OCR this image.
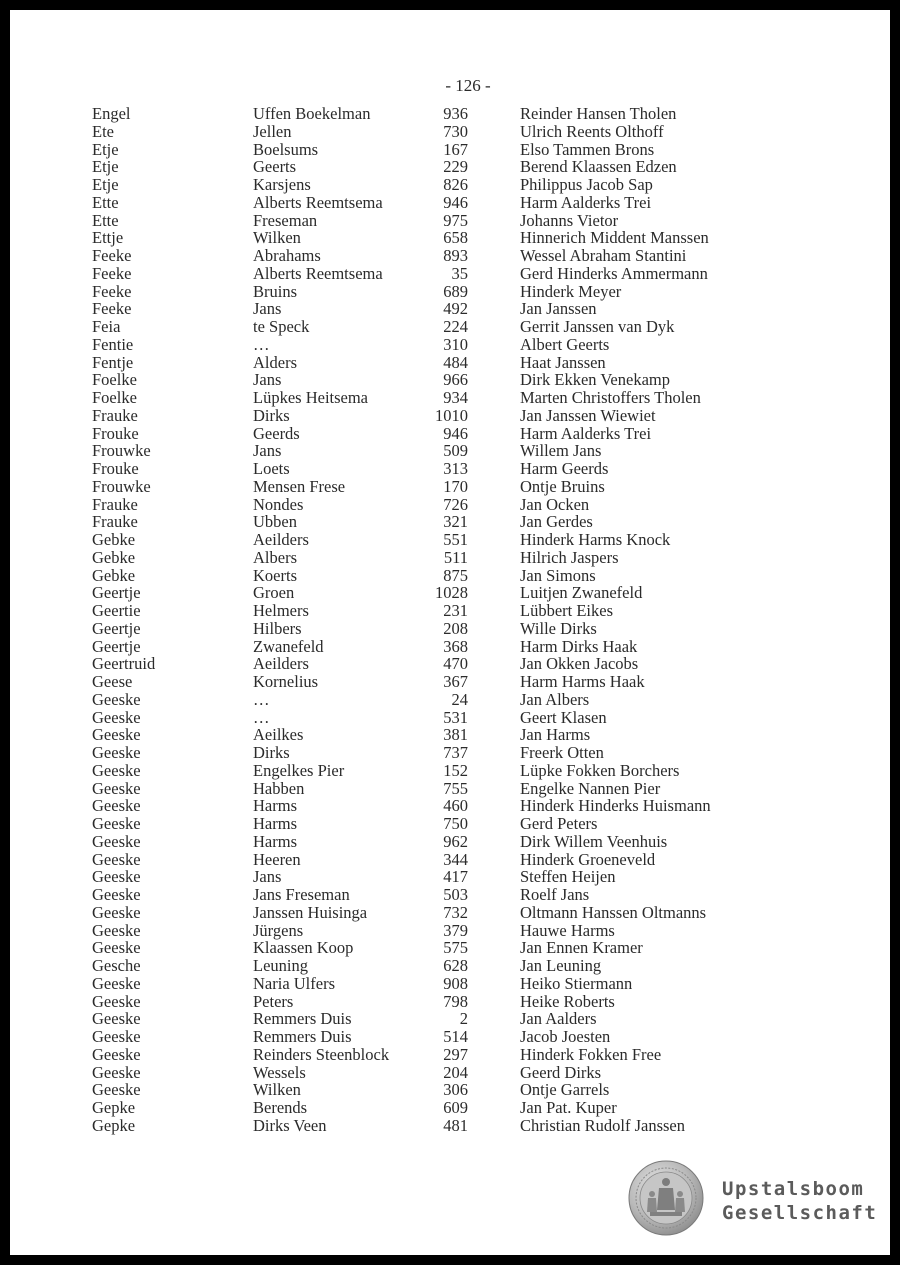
- 126 -
Engel	Uffen Boekelman	936	Reinder Hansen Tholen
Ete	Jellen	730	Ulrich Reents Olthoff
Etje	Boelsums	167	Elso Tammen Brons
Etje	Geerts	229	Berend Klaassen Edzen
Etje	Karsjens	826	Philippus Jacob Sap
Ette	Alberts Reemtsema	946	Harm Aalderks Trei
Ette	Freseman	975	Johanns Vietor
Ettje	Wilken	658	Hinnerich Middent Manssen
Feeke	Abrahams	893	Wessel Abraham Stantini
Feeke	Alberts Reemtsema	35	Gerd Hinderks Ammermann
Feeke	Bruins	689	Hinderk Meyer
Feeke	Jans	492	Jan Janssen
Feia	te Speck	224	Gerrit Janssen van Dyk
Fentie	…	310	Albert Geerts
Fentje	Alders	484	Haat Janssen
Foelke	Jans	966	Dirk Ekken Venekamp
Foelke	Lüpkes Heitsema	934	Marten Christoffers Tholen
Frauke	Dirks	1010	Jan Janssen Wiewiet
Frouke	Geerds	946	Harm Aalderks Trei
Frouwke	Jans	509	Willem Jans
Frouke	Loets	313	Harm Geerds
Frouwke	Mensen Frese	170	Ontje Bruins
Frauke	Nondes	726	Jan Ocken
Frauke	Ubben	321	Jan Gerdes
Gebke	Aeilders	551	Hinderk Harms Knock
Gebke	Albers	511	Hilrich Jaspers
Gebke	Koerts	875	Jan Simons
Geertje	Groen	1028	Luitjen Zwanefeld
Geertie	Helmers	231	Lübbert Eikes
Geertje	Hilbers	208	Wille Dirks
Geertje	Zwanefeld	368	Harm Dirks Haak
Geertruid	Aeilders	470	Jan Okken Jacobs
Geese	Kornelius	367	Harm Harms Haak
Geeske	…	24	Jan Albers
Geeske	…	531	Geert Klasen
Geeske	Aeilkes	381	Jan Harms
Geeske	Dirks	737	Freerk Otten
Geeske	Engelkes Pier	152	Lüpke Fokken Borchers
Geeske	Habben	755	Engelke Nannen Pier
Geeske	Harms	460	Hinderk Hinderks Huismann
Geeske	Harms	750	Gerd Peters
Geeske	Harms	962	Dirk Willem Veenhuis
Geeske	Heeren	344	Hinderk Groeneveld
Geeske	Jans	417	Steffen Heijen
Geeske	Jans Freseman	503	Roelf Jans
Geeske	Janssen Huisinga	732	Oltmann Hanssen Oltmanns
Geeske	Jürgens	379	Hauwe Harms
Geeske	Klaassen Koop	575	Jan Ennen Kramer
Gesche	Leuning	628	Jan Leuning
Geeske	Naria Ulfers	908	Heiko Stiermann
Geeske	Peters	798	Heike Roberts
Geeske	Remmers Duis	2	Jan Aalders
Geeske	Remmers Duis	514	Jacob Joesten
Geeske	Reinders Steenblock	297	Hinderk Fokken Free
Geeske	Wessels	204	Geerd Dirks
Geeske	Wilken	306	Ontje Garrels
Gepke	Berends	609	Jan Pat. Kuper
Gepke	Dirks Veen	481	Christian Rudolf Janssen
Upstalsboom
Gesellschaft
